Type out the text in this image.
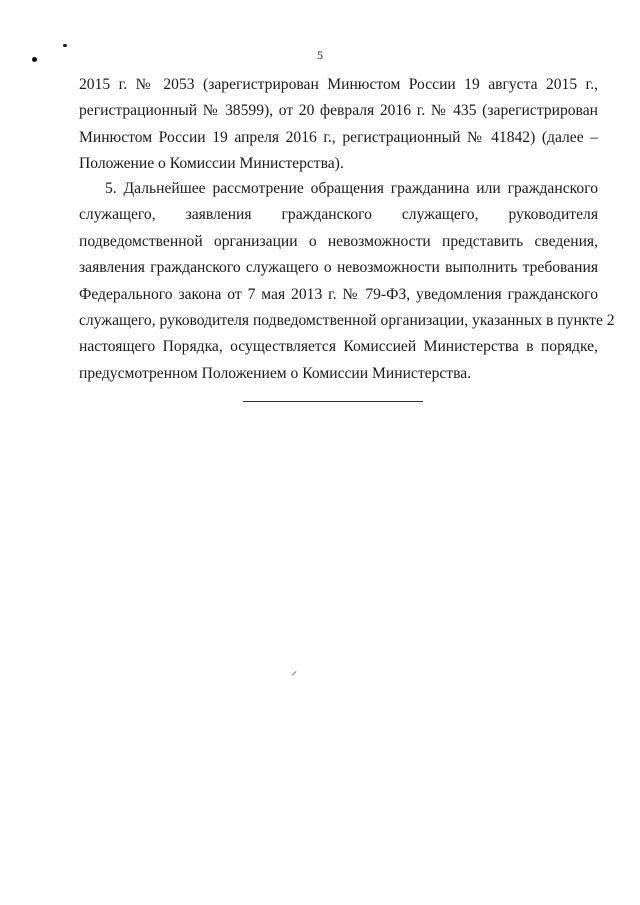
5
2015 г. № 2053 (зарегистрирован Минюстом России 19 августа 2015 г.,
регистрационный № 38599), от 20 февраля 2016 г. № 435 (зарегистрирован
Минюстом России 19 апреля 2016 г., регистрационный № 41842) (далее –
Положение о Комиссии Министерства).
5. Дальнейшее рассмотрение обращения гражданина или гражданского
служащего, заявления гражданского служащего, руководителя
подведомственной организации о невозможности представить сведения,
заявления гражданского служащего о невозможности выполнить требования
Федерального закона от 7 мая 2013 г. № 79-ФЗ, уведомления гражданского
служащего, руководителя подведомственной организации, указанных в пункте 2
настоящего Порядка, осуществляется Комиссией Министерства в порядке,
предусмотренном Положением о Комиссии Министерства.
